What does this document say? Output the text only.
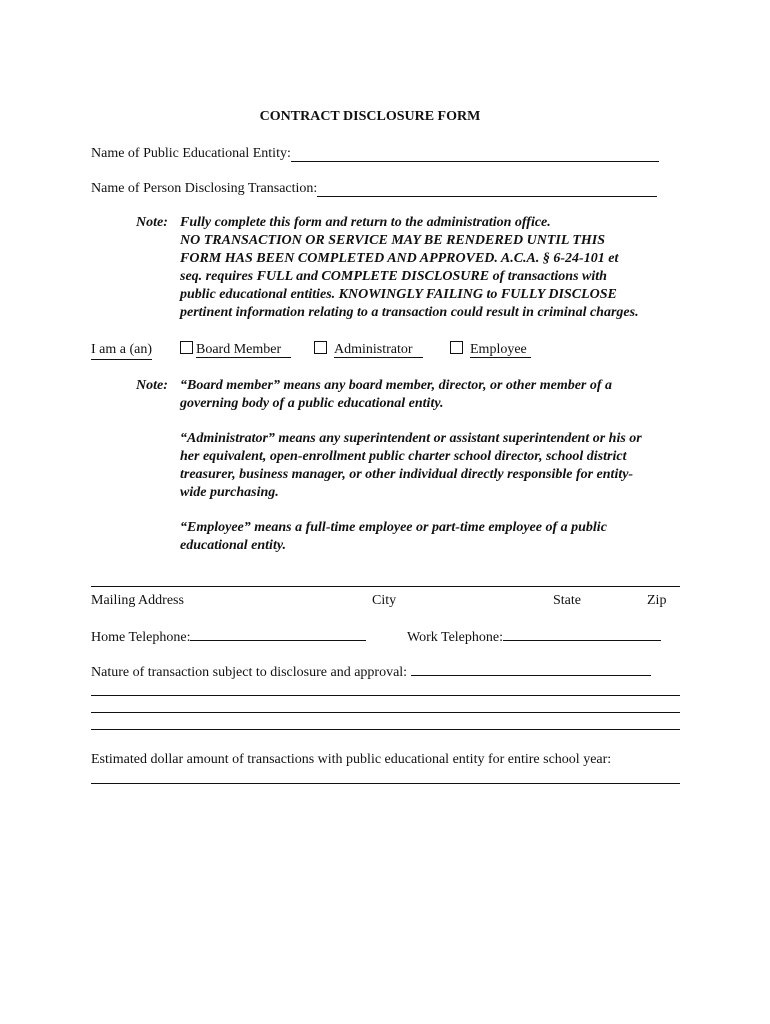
CONTRACT DISCLOSURE FORM
Name of Public Educational Entity:
Name of Person Disclosing Transaction:
Note: Fully complete this form and return to the administration office.
NO TRANSACTION OR SERVICE MAY BE RENDERED UNTIL THIS
FORM HAS BEEN COMPLETED AND APPROVED. A.C.A. § 6-24-101 et
seq. requires FULL and COMPLETE DISCLOSURE of transactions with
public educational entities. KNOWINGLY FAILING to FULLY DISCLOSE
pertinent information relating to a transaction could result in criminal charges.
I am a (an)	Board Member	Administrator	Employee
Note: “Board member” means any board member, director, or other member of a
governing body of a public educational entity.
“Administrator” means any superintendent or assistant superintendent or his or
her equivalent, open-enrollment public charter school director, school district
treasurer, business manager, or other individual directly responsible for entity-
wide purchasing.
“Employee” means a full-time employee or part-time employee of a public
educational entity.
Mailing Address	City	State	Zip
Home Telephone:	Work Telephone:
Nature of transaction subject to disclosure and approval:
Estimated dollar amount of transactions with public educational entity for entire school year:
